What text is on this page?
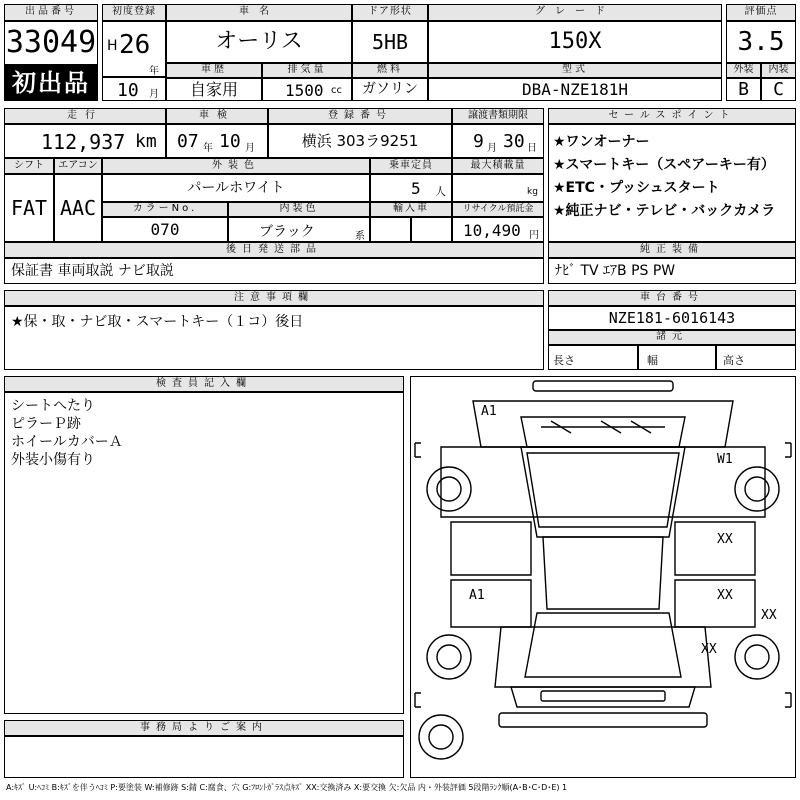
出品番号
33049
初出品
初度登録
H 26
年
10 月
車名
オーリス
ドア形状
5HB
グレード
150X
車歴
自家用
排気量
1500 cc
燃料
ガソリン
型式
DBA-NZE181H
評価点
3.5
外装	内装
B	C
走行
112,937 km
車検
07 年 10 月
登録番号
横浜 303ラ9251
譲渡書類期限
9 月 30 日
シフト
FAT
エアコン
AAC
外装色
パールホワイト
乗車定員
5 人
最大積載量
kg
カラーNo.
070
内装色
ブラック	系
輸入車	リサイクル預託金
10,490 円
セールスポイント
★ワンオーナー
★スマートキー（スペアーキー有）
★ETC・プッシュスタート
★純正ナビ・テレビ・バックカメラ
後日発送部品
保証書 車両取説 ナビ取説
純正装備
ﾅﾋﾞ TV ｴｱB PS PW
注意事項欄
★保・取・ナビ取・スマートキー（１コ）後日
車台番号
NZE181-6016143
諸元
長さ	幅	高さ
検査員記入欄
シートへたり
ピラーＰ跡
ホイールカバーＡ
外装小傷有り
事務局よりご案内
A1
W1
XX
A1	XX
XX
XX
A:ｷｽﾞ U:ﾍｺﾐ B:ｷｽﾞを伴うﾍｺﾐ P:要塗装 W:補修跡 S:錆 C:腐食、穴 G:ﾌﾛﾝﾄｶﾞﾗｽ点ｷｽﾞ XX:交換済み X:要交換 欠:欠品 内・外装評価 5段階ﾗﾝｸ順(A･B･C･D･E) 1
